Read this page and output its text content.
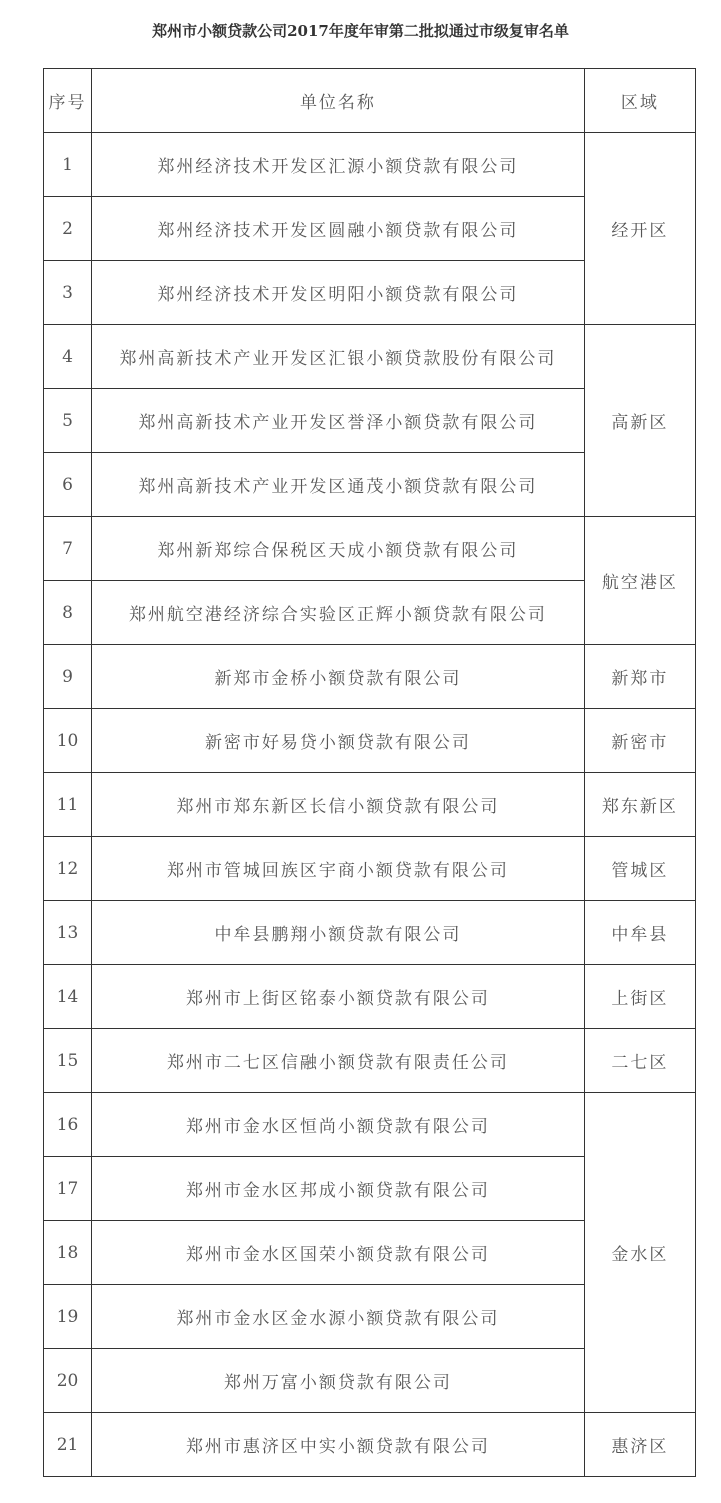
郑州市小额贷款公司2017年度年审第二批拟通过市级复审名单
序号	单位名称	区域
1	郑州经济技术开发区汇源小额贷款有限公司	经开区
2	郑州经济技术开发区圆融小额贷款有限公司	
3	郑州经济技术开发区明阳小额贷款有限公司	
4	郑州高新技术产业开发区汇银小额贷款股份有限公司	高新区
5	郑州高新技术产业开发区誉泽小额贷款有限公司	
6	郑州高新技术产业开发区通茂小额贷款有限公司	
7	郑州新郑综合保税区天成小额贷款有限公司	航空港区
8	郑州航空港经济综合实验区正辉小额贷款有限公司	
9	新郑市金桥小额贷款有限公司	新郑市
10	新密市好易贷小额贷款有限公司	新密市
11	郑州市郑东新区长信小额贷款有限公司	郑东新区
12	郑州市管城回族区宇商小额贷款有限公司	管城区
13	中牟县鹏翔小额贷款有限公司	中牟县
14	郑州市上街区铭泰小额贷款有限公司	上街区
15	郑州市二七区信融小额贷款有限责任公司	二七区
16	郑州市金水区恒尚小额贷款有限公司	金水区
17	郑州市金水区邦成小额贷款有限公司	
18	郑州市金水区国荣小额贷款有限公司	
19	郑州市金水区金水源小额贷款有限公司	
20	郑州万富小额贷款有限公司	
21	郑州市惠济区中实小额贷款有限公司	惠济区
